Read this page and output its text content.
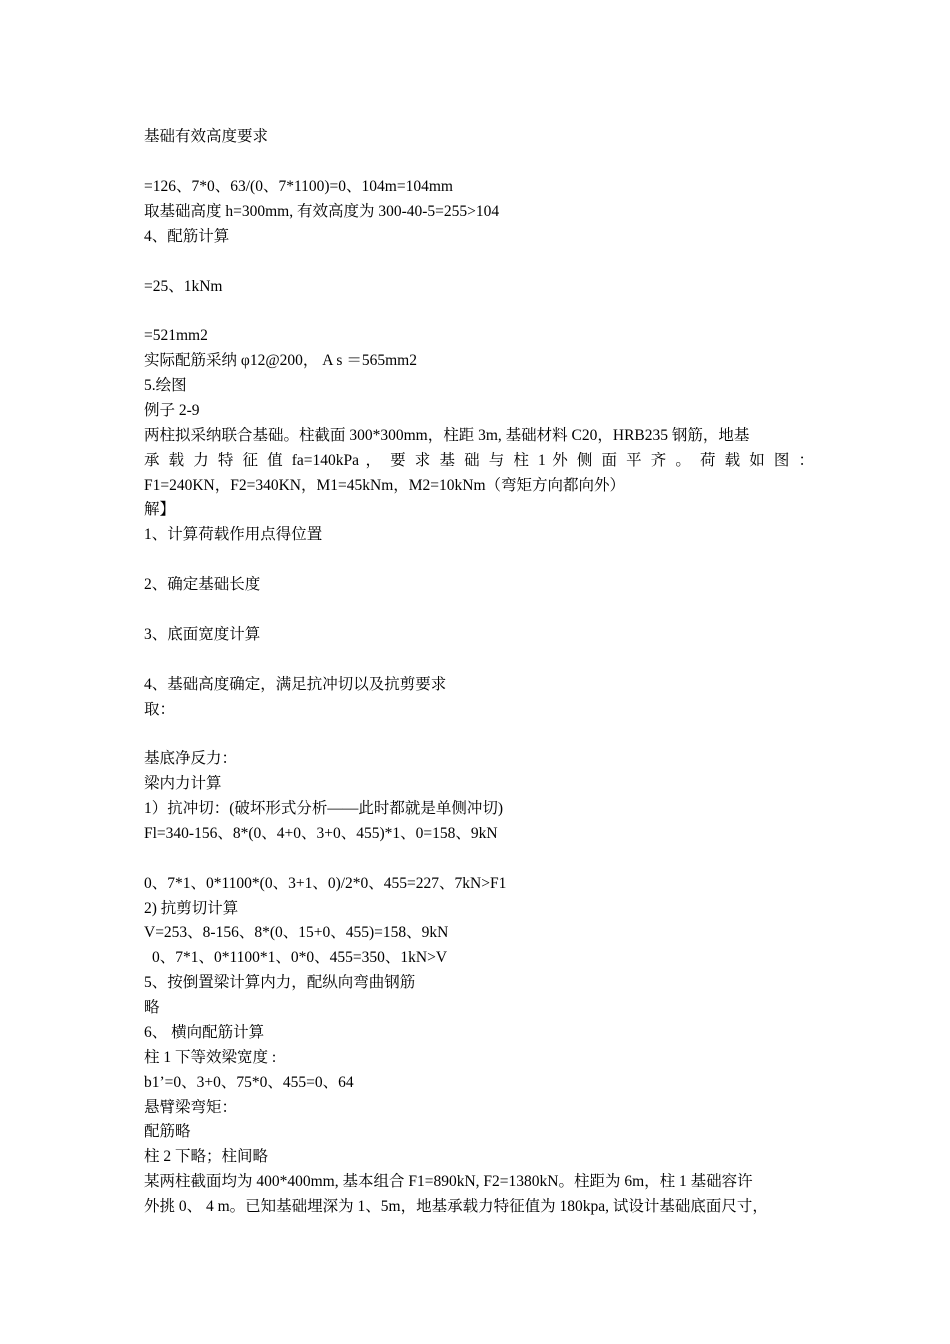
基础有效高度要求
=126、7*0、63/(0、7*1100)=0、104m=104mm
取基础高度 h=300mm, 有效高度为 300-40-5=255>104
4、配筋计算
=25、1kNm
=521mm2
实际配筋采纳 φ12@200， A s ＝565mm2
5.绘图
例子 2-9
两柱拟采纳联合基础。柱截面 300*300mm，柱距 3m, 基础材料 C20，HRB235 钢筋，地基
承 载 力 特 征 值 fa=140kPa ， 要 求 基 础 与 柱 1 外 侧 面 平 齐 。 荷 载 如 图 ：
F1=240KN，F2=340KN，M1=45kNm，M2=10kNm（弯矩方向都向外）
解】
1、计算荷载作用点得位置
2、确定基础长度
3、底面宽度计算
4、基础高度确定，满足抗冲切以及抗剪要求
取：
基底净反力：
梁内力计算
1）抗冲切：(破坏形式分析——此时都就是单侧冲切)
Fl=340-156、8*(0、4+0、3+0、455)*1、0=158、9kN
0、7*1、0*1100*(0、3+1、0)/2*0、455=227、7kN>F1
2) 抗剪切计算
V=253、8-156、8*(0、15+0、455)=158、9kN
0、7*1、0*1100*1、0*0、455=350、1kN>V
5、按倒置梁计算内力，配纵向弯曲钢筋
略
6、 横向配筋计算
柱 1 下等效梁宽度 :
b1’=0、3+0、75*0、455=0、64
悬臂梁弯矩：
配筋略
柱 2 下略；柱间略
某两柱截面均为 400*400mm, 基本组合 F1=890kN, F2=1380kN。柱距为 6m，柱 1 基础容许
外挑 0、 4 m。已知基础埋深为 1、5m，地基承载力特征值为 180kpa, 试设计基础底面尺寸，
